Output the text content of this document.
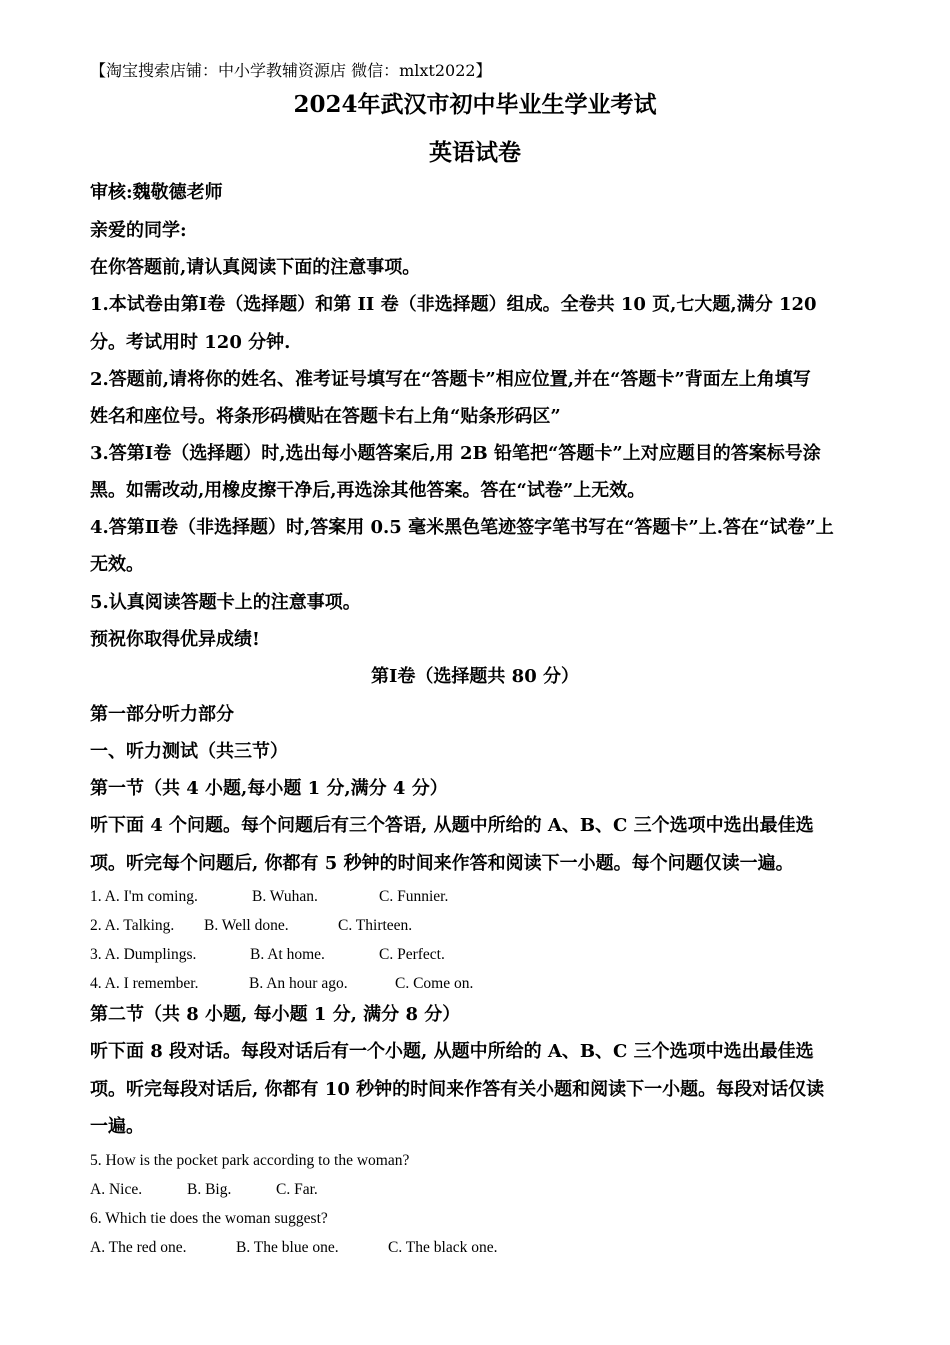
【淘宝搜索店铺：中小学教辅资源店 微信：mlxt2022】
2024年武汉市初中毕业生学业考试
英语试卷
审核:魏敬德老师
亲爱的同学:
在你答题前,请认真阅读下面的注意事项。
1.本试卷由第Ⅰ卷（选择题）和第 II 卷（非选择题）组成。全卷共 10 页,七大题,满分 120
分。考试用时 120 分钟.
2.答题前,请将你的姓名、准考证号填写在“答题卡”相应位置,并在“答题卡”背面左上角填写
姓名和座位号。将条形码横贴在答题卡右上角“贴条形码区”
3.答第Ⅰ卷（选择题）时,选出每小题答案后,用 2B 铅笔把“答题卡”上对应题目的答案标号涂
黑。如需改动,用橡皮擦干净后,再选涂其他答案。答在“试卷”上无效。
4.答第Ⅱ卷（非选择题）时,答案用 0.5 毫米黑色笔迹签字笔书写在“答题卡”上.答在“试卷”上
无效。
5.认真阅读答题卡上的注意事项。
预祝你取得优异成绩!
第Ⅰ卷（选择题共 80 分）
第一部分听力部分
一、听力测试（共三节）
第一节（共 4 小题,每小题 1 分,满分 4 分）
听下面 4 个问题。每个问题后有三个答语, 从题中所给的 A、B、C 三个选项中选出最佳选
项。听完每个问题后, 你都有 5 秒钟的时间来作答和阅读下一小题。每个问题仅读一遍。
1. A. I'm coming.	B. Wuhan.	C. Funnier.
2. A. Talking. B. Well done.	C. Thirteen.
3. A. Dumplings.	B. At home.	C. Perfect.
4. A. I remember.	B. An hour ago.	C. Come on.
第二节（共 8 小题, 每小题 1 分, 满分 8 分）
听下面 8 段对话。每段对话后有一个小题, 从题中所给的 A、B、C 三个选项中选出最佳选
项。听完每段对话后, 你都有 10 秒钟的时间来作答有关小题和阅读下一小题。每段对话仅读
一遍。
5. How is the pocket park according to the woman?
A. Nice.	B. Big.	C. Far.
6. Which tie does the woman suggest?
A. The red one.	B. The blue one.	C. The black one.
